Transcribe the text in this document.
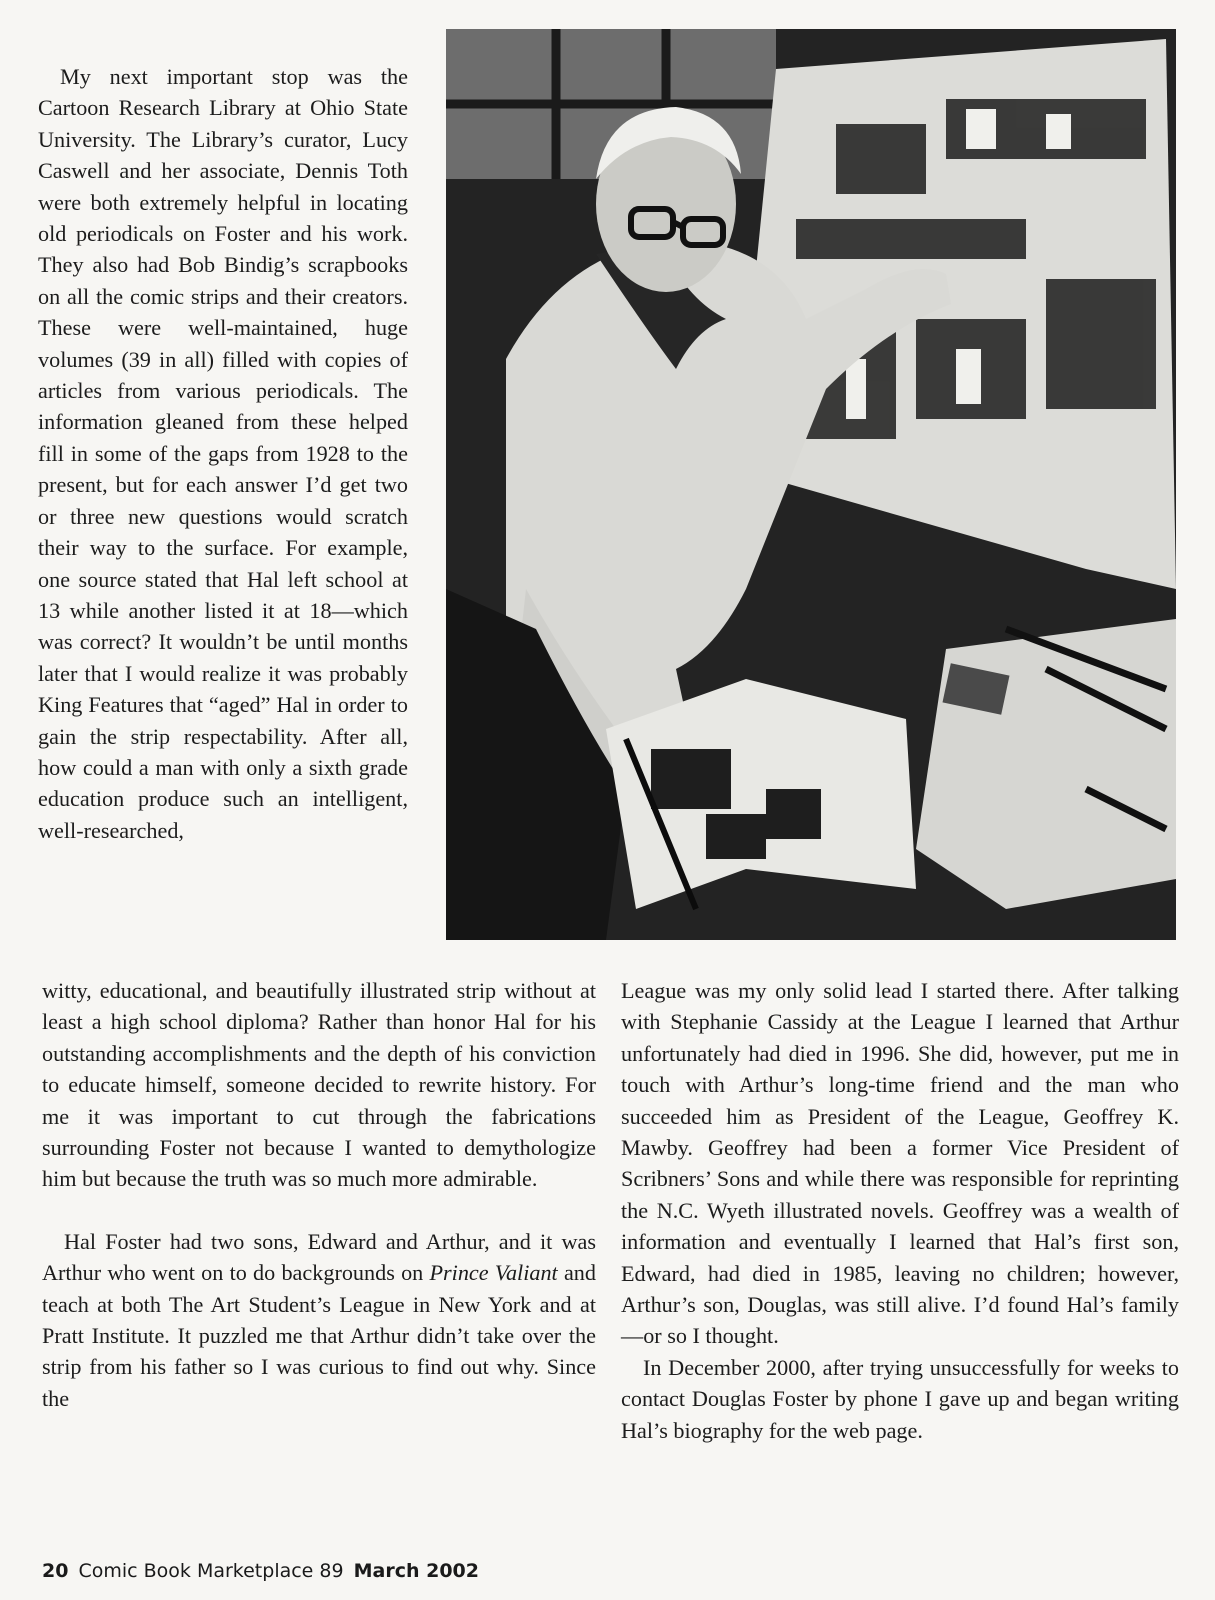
My next important stop was the Cartoon Research Library at Ohio State University. The Library’s curator, Lucy Caswell and her associate, Dennis Toth were both extremely helpful in locating old periodicals on Foster and his work. They also had Bob Bindig’s scrapbooks on all the comic strips and their creators. These were well-maintained, huge volumes (39 in all) filled with copies of articles from various periodicals. The information gleaned from these helped fill in some of the gaps from 1928 to the present, but for each answer I’d get two or three new questions would scratch their way to the surface. For example, one source stated that Hal left school at 13 while another listed it at 18—which was correct? It wouldn’t be until months later that I would realize it was probably King Features that “aged” Hal in order to gain the strip respectability. After all, how could a man with only a sixth grade education produce such an intelligent, well-researched,

witty, educational, and beautifully illustrated strip without at least a high school diploma? Rather than honor Hal for his outstanding accomplishments and the depth of his conviction to educate himself, someone decided to rewrite history. For me it was important to cut through the fabrications surrounding Foster not because I wanted to demythologize him but because the truth was so much more admirable.

Hal Foster had two sons, Edward and Arthur, and it was Arthur who went on to do backgrounds on Prince Valiant and teach at both The Art Student’s League in New York and at Pratt Institute. It puzzled me that Arthur didn’t take over the strip from his father so I was curious to find out why. Since the

League was my only solid lead I started there. After talking with Stephanie Cassidy at the League I learned that Arthur unfortunately had died in 1996. She did, however, put me in touch with Arthur’s long-time friend and the man who succeeded him as President of the League, Geoffrey K. Mawby. Geoffrey had been a former Vice President of Scribners’ Sons and while there was responsible for reprinting the N.C. Wyeth illustrated novels. Geoffrey was a wealth of information and eventually I learned that Hal’s first son, Edward, had died in 1985, leaving no children; however, Arthur’s son, Douglas, was still alive. I’d found Hal’s family—or so I thought.

In December 2000, after trying unsuccessfully for weeks to contact Douglas Foster by phone I gave up and began writing Hal’s biography for the web page.

20 Comic Book Marketplace 89 March 2002
